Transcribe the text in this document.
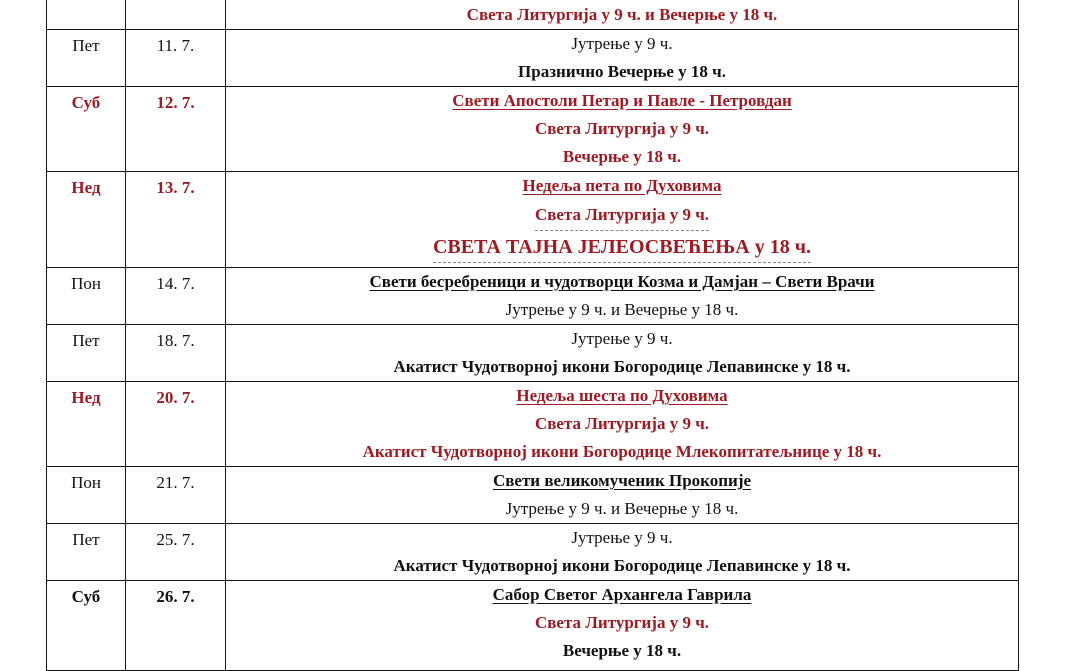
		Света Литургија у 9 ч. и Вечерње у 18 ч.

Пет	11. 7.	Јутрење у 9 ч.
Празнично Вечерње у 18 ч.

Суб	12. 7.	Свети Апостоли Петар и Павле - Петровдан
Света Литургија у 9 ч.
Вечерње у 18 ч.

Нед	13. 7.	Недеља пета по Духовима
Света Литургија у 9 ч.
СВЕТА ТАЈНА ЈЕЛЕОСВЕЋЕЊА у 18 ч.

Пон	14. 7.	Свети бесребреници и чудотворци Козма и Дамјан – Свети Врачи
Јутрење у 9 ч. и Вечерње у 18 ч.

Пет	18. 7.	Јутрење у 9 ч.
Акатист Чудотворној икони Богородице Лепавинске у 18 ч.

Нед	20. 7.	Недеља шеста по Духовима
Света Литургија у 9 ч.
Акатист Чудотворној икони Богородице Млекопитатељнице у 18 ч.

Пон	21. 7.	Свети великомученик Прокопије
Јутрење у 9 ч. и Вечерње у 18 ч.

Пет	25. 7.	Јутрење у 9 ч.
Акатист Чудотворној икони Богородице Лепавинске у 18 ч.

Суб	26. 7.	Сабор Светог Архангела Гаврила
Света Литургија у 9 ч.
Вечерње у 18 ч.
